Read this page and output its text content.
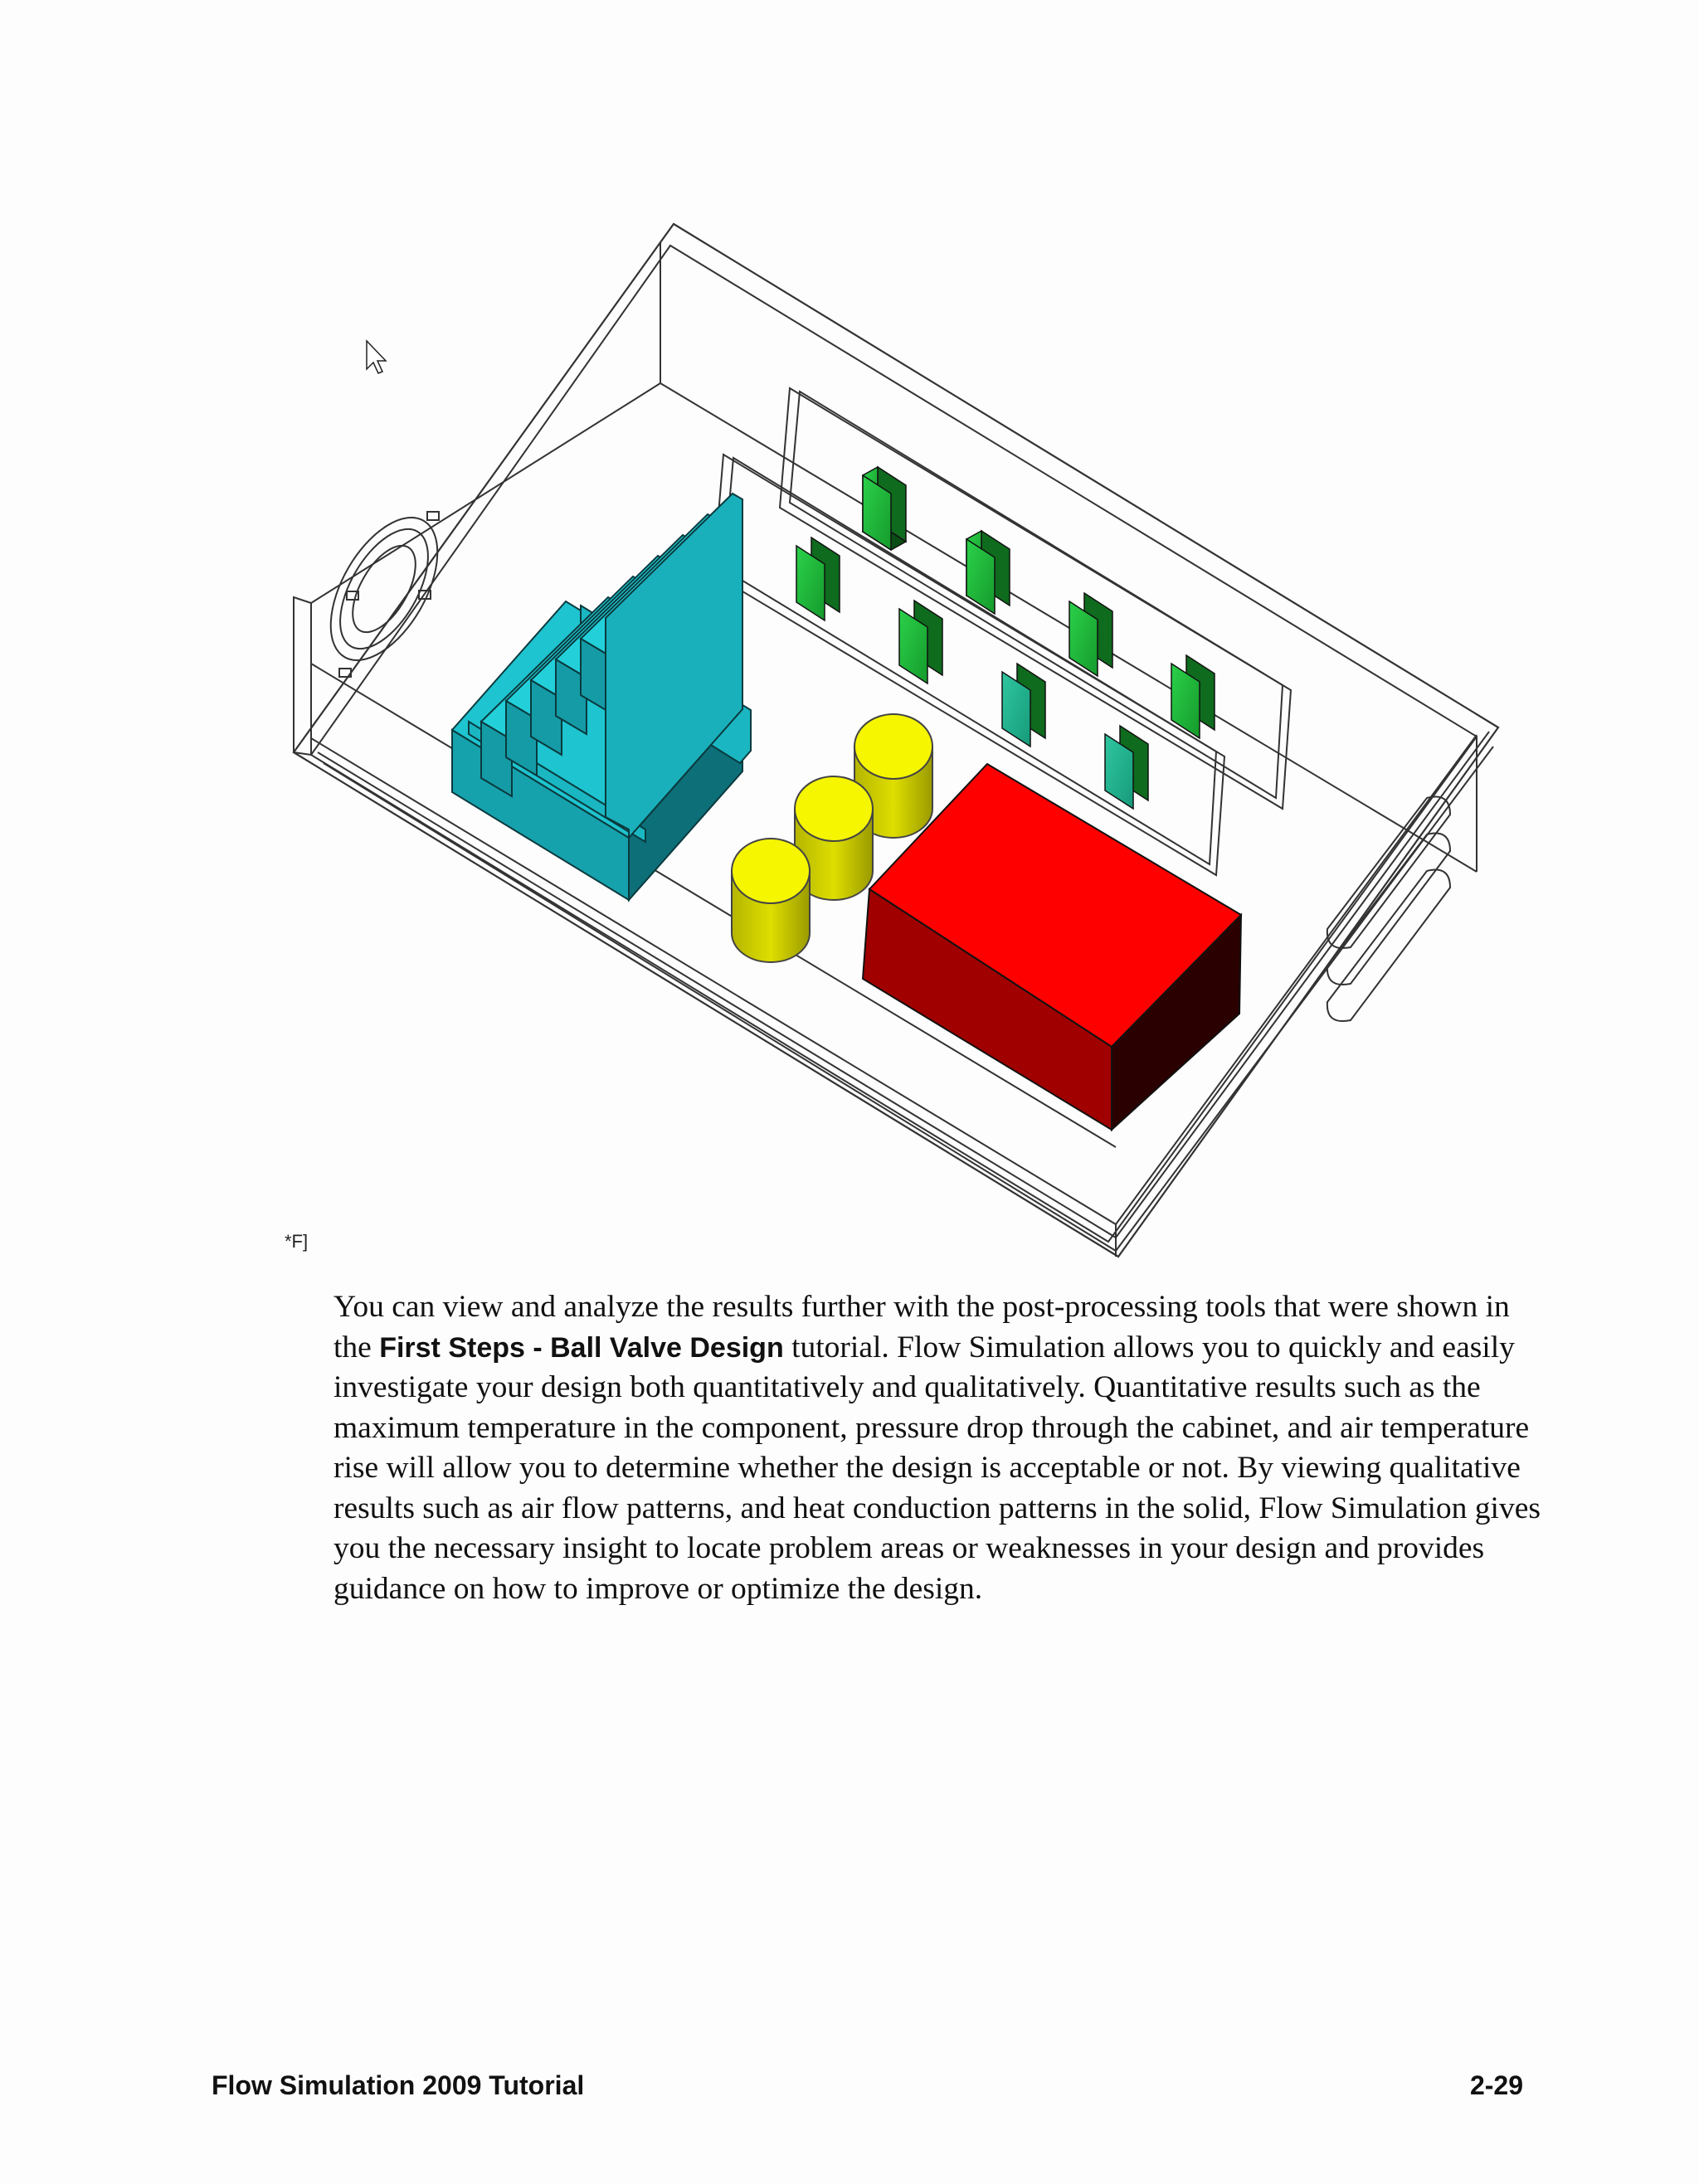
*F]

You can view and analyze the results further with the post-processing tools that were shown in the First Steps - Ball Valve Design tutorial. Flow Simulation allows you to quickly and easily investigate your design both quantitatively and qualitatively. Quantitative results such as the maximum temperature in the component, pressure drop through the cabinet, and air temperature rise will allow you to determine whether the design is acceptable or not. By viewing qualitative results such as air flow patterns, and heat conduction patterns in the solid, Flow Simulation gives you the necessary insight to locate problem areas or weaknesses in your design and provides guidance on how to improve or optimize the design.

Flow Simulation 2009 Tutorial	2-29
